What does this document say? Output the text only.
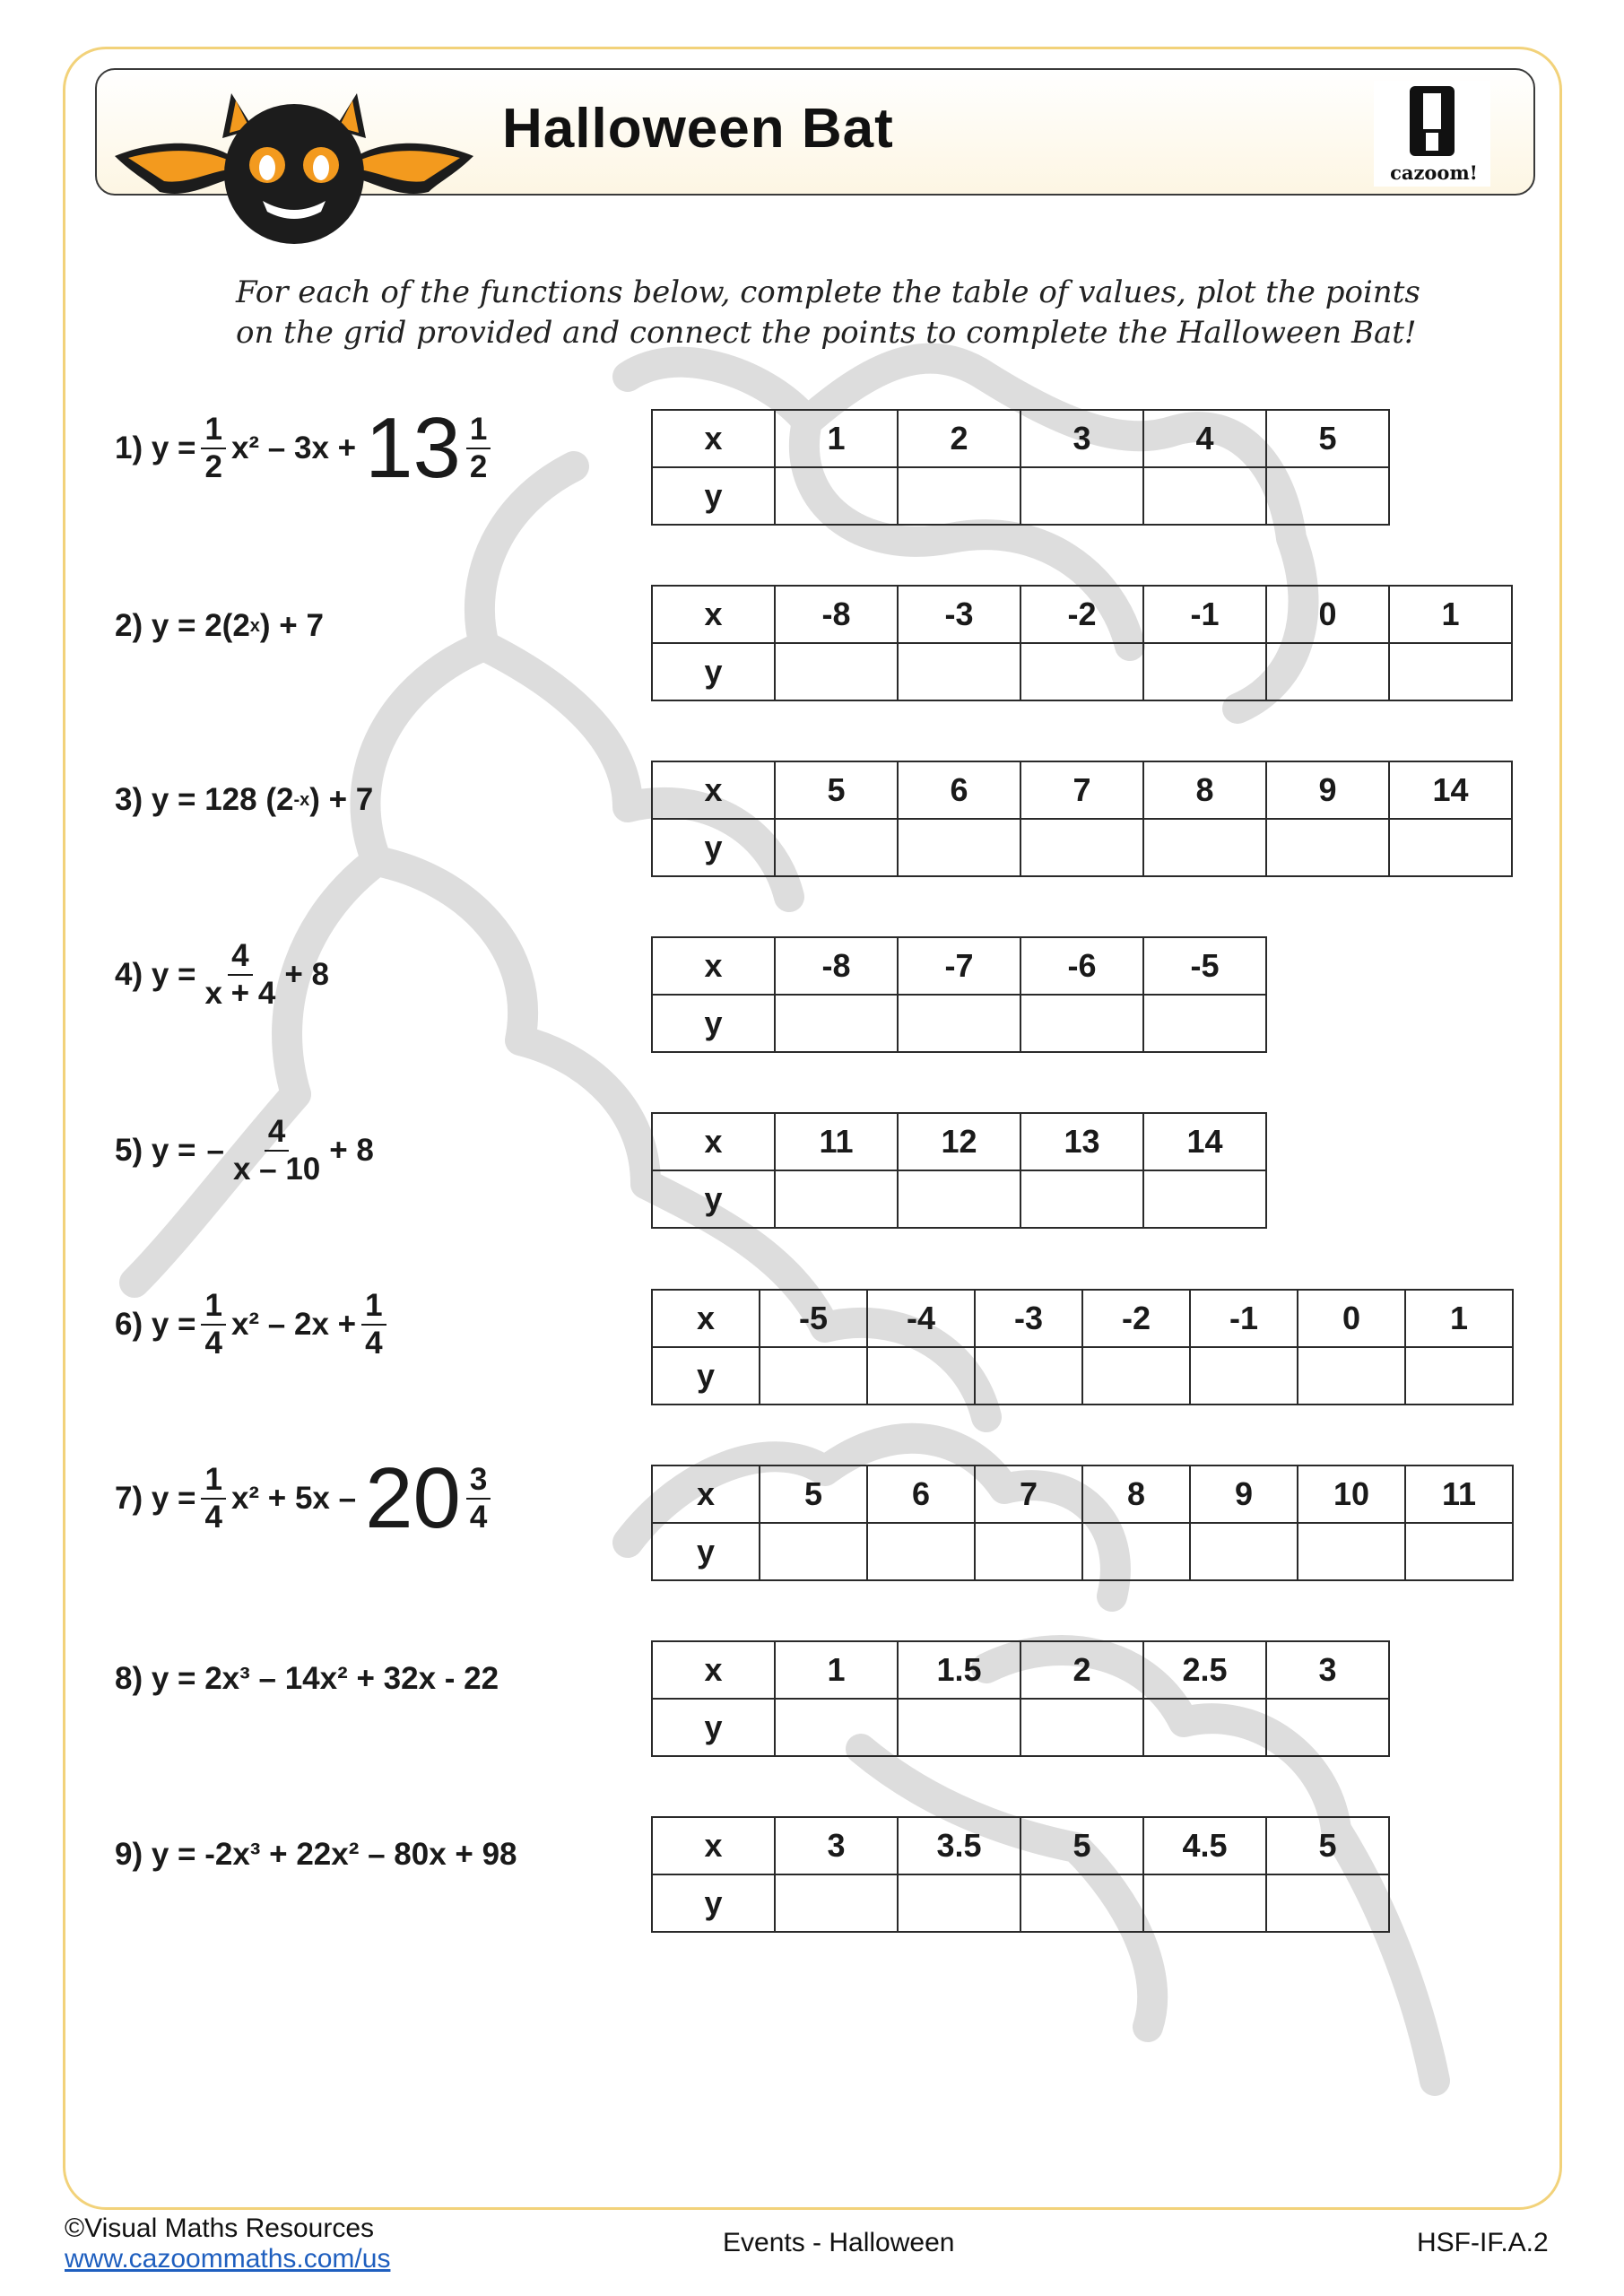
Halloween Bat
cazoom!
For each of the functions below, complete the table of values, plot the points on the grid provided and connect the points to complete the Halloween Bat!
1) $y = \frac{1}{2} x^2 - 3x + 13 \frac{1}{2}$
2) y = 2(2 x ) + 7
3) y = 128 (2 -x ) + 7
4) $y = \frac{4}{x + 4} + 8$
5) y = – $\frac{4}{x - 10} + 8$
6) $y = \frac{1}{4} x^2 - 2x + \frac{1}{4}$
7) $y = \frac{1}{4} x^2 + 5x - 20 \frac{3}{4}$
8) y = 2x³ – 14x² + 32x - 22
9) y = -2x³ + 22x² – 80x + 98
x	1	2	3	4	5
y					
x	-8	-3	-2	-1	0	1
y						
x	5	6	7	8	9	14
y						
x	-8	-7	-6	-5
y				
x	11	12	13	14
y				
x	-5	-4	-3	-2	-1	0	1
y							
x	5	6	7	8	9	10	11
y							
x	1	1.5	2	2.5	3
y					
x	3	3.5	5	4.5	5
y					
©Visual Maths Resources
www.cazoommaths.com/us
Events - Halloween	HSF-IF.A.2
